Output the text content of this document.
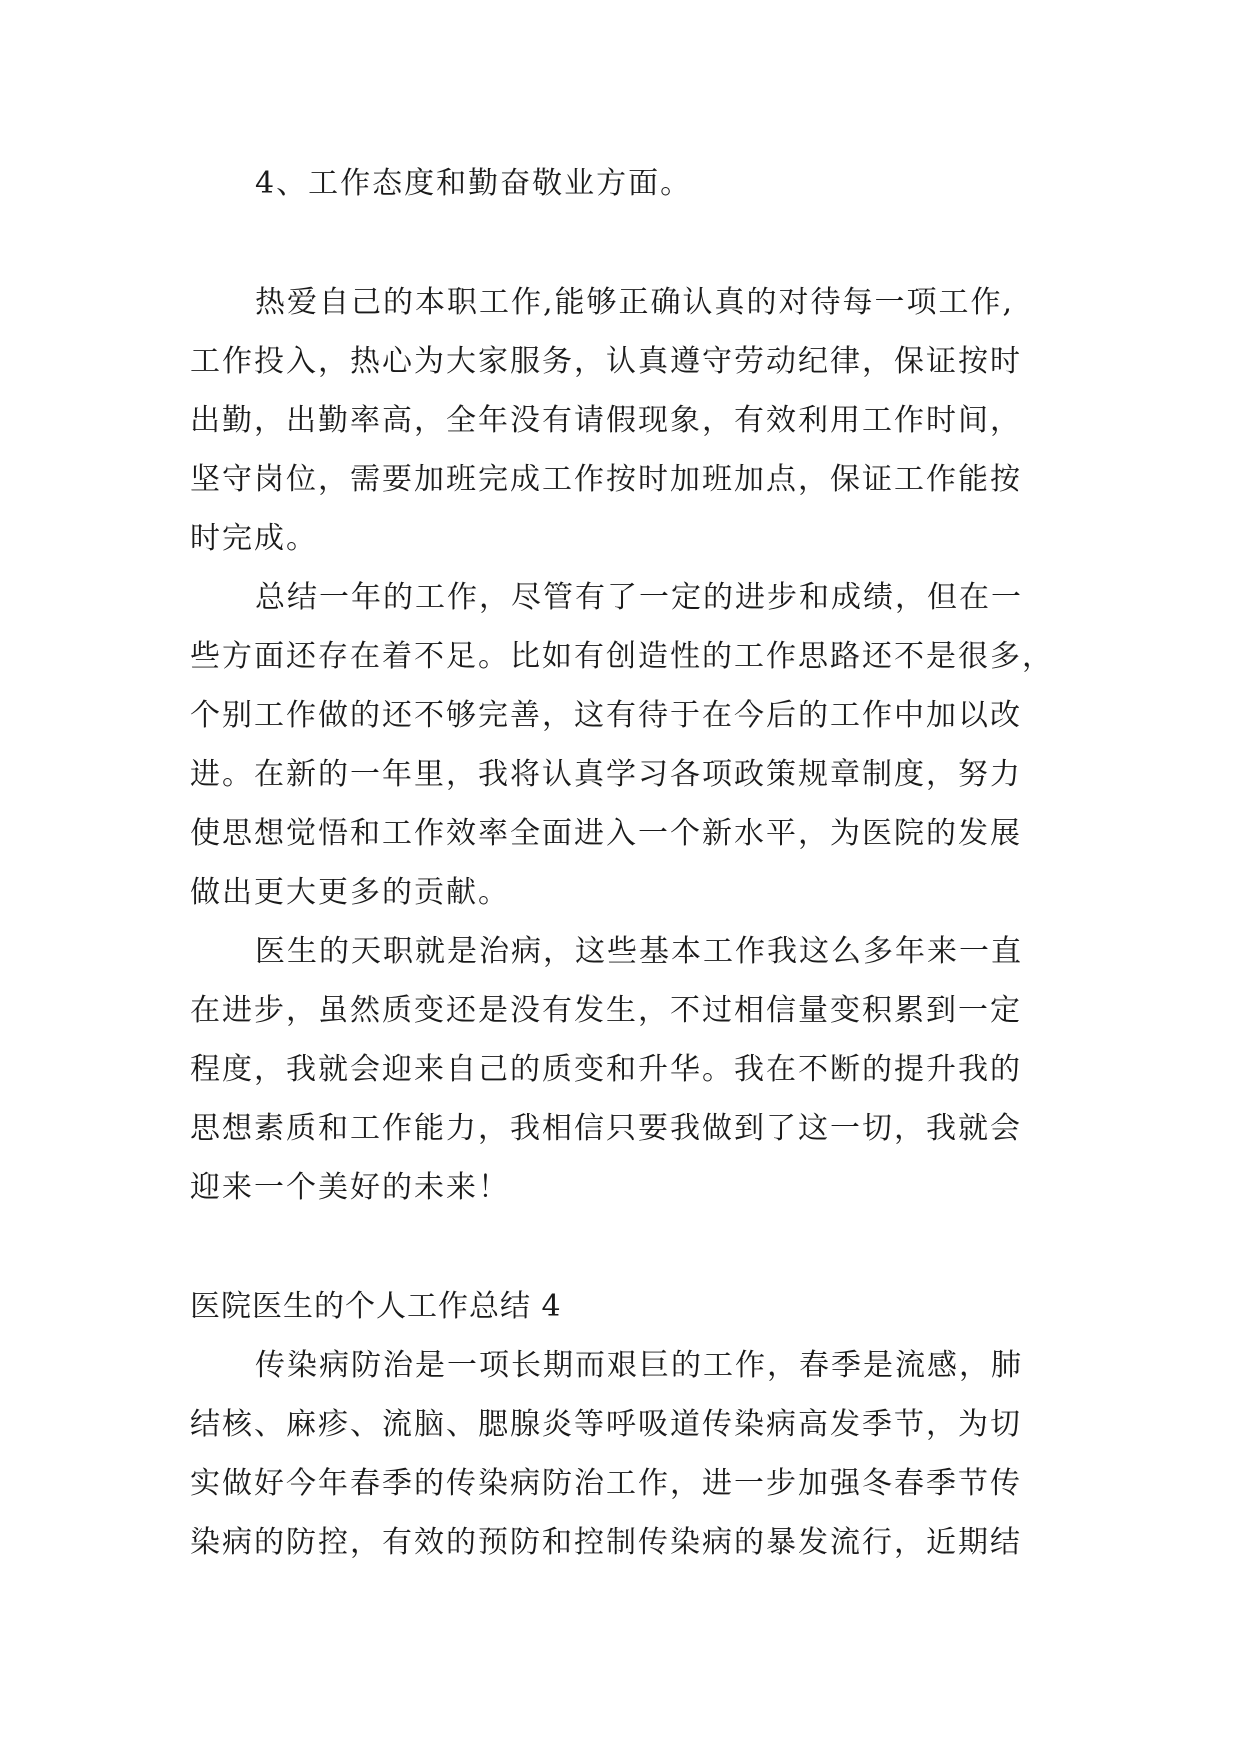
4、工作态度和勤奋敬业方面。
热爱自己的本职工作,能够正确认真的对待每一项工作,
工作投入，热心为大家服务，认真遵守劳动纪律，保证按时
出勤，出勤率高，全年没有请假现象，有效利用工作时间，
坚守岗位，需要加班完成工作按时加班加点，保证工作能按
时完成。
总结一年的工作，尽管有了一定的进步和成绩，但在一
些方面还存在着不足。比如有创造性的工作思路还不是很多，
个别工作做的还不够完善，这有待于在今后的工作中加以改
进。在新的一年里，我将认真学习各项政策规章制度，努力
使思想觉悟和工作效率全面进入一个新水平，为医院的发展
做出更大更多的贡献。
医生的天职就是治病，这些基本工作我这么多年来一直
在进步，虽然质变还是没有发生，不过相信量变积累到一定
程度，我就会迎来自己的质变和升华。我在不断的提升我的
思想素质和工作能力，我相信只要我做到了这一切，我就会
迎来一个美好的未来！
医院医生的个人工作总结 4
传染病防治是一项长期而艰巨的工作，春季是流感，肺
结核、麻疹、流脑、腮腺炎等呼吸道传染病高发季节，为切
实做好今年春季的传染病防治工作，进一步加强冬春季节传
染病的防控，有效的预防和控制传染病的暴发流行，近期结
